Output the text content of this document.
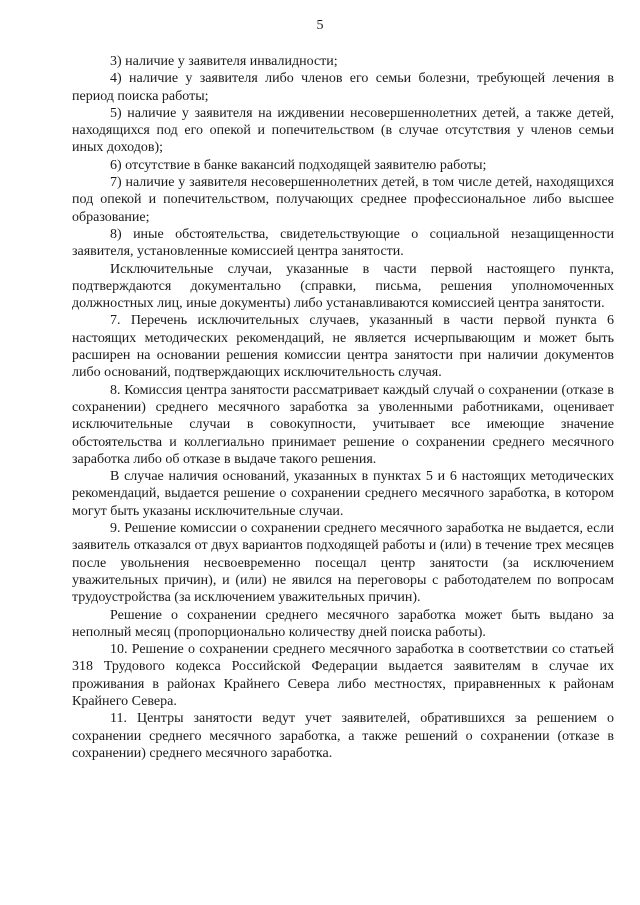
5

3) наличие у заявителя инвалидности;

4) наличие у заявителя либо членов его семьи болезни, требующей лечения в период поиска работы;

5) наличие у заявителя на иждивении несовершеннолетних детей, а также детей, находящихся под его опекой и попечительством (в случае отсутствия у членов семьи иных доходов);

6) отсутствие в банке вакансий подходящей заявителю работы;

7) наличие у заявителя несовершеннолетних детей, в том числе детей, находящихся под опекой и попечительством, получающих среднее профессиональное либо высшее образование;

8) иные обстоятельства, свидетельствующие о социальной незащищенности заявителя, установленные комиссией центра занятости.

Исключительные случаи, указанные в части первой настоящего пункта, подтверждаются документально (справки, письма, решения уполномоченных должностных лиц, иные документы) либо устанавливаются комиссией центра занятости.

7. Перечень исключительных случаев, указанный в части первой пункта 6 настоящих методических рекомендаций, не является исчерпывающим и может быть расширен на основании решения комиссии центра занятости при наличии документов либо оснований, подтверждающих исключительность случая.

8. Комиссия центра занятости рассматривает каждый случай о сохранении (отказе в сохранении) среднего месячного заработка за уволенными работниками, оценивает исключительные случаи в совокупности, учитывает все имеющие значение обстоятельства и коллегиально принимает решение о сохранении среднего месячного заработка либо об отказе в выдаче такого решения.

В случае наличия оснований, указанных в пунктах 5 и 6 настоящих методических рекомендаций, выдается решение о сохранении среднего месячного заработка, в котором могут быть указаны исключительные случаи.

9. Решение комиссии о сохранении среднего месячного заработка не выдается, если заявитель отказался от двух вариантов подходящей работы и (или) в течение трех месяцев после увольнения несвоевременно посещал центр занятости (за исключением уважительных причин), и (или) не явился на переговоры с работодателем по вопросам трудоустройства (за исключением уважительных причин).

Решение о сохранении среднего месячного заработка может быть выдано за неполный месяц (пропорционально количеству дней поиска работы).

10. Решение о сохранении среднего месячного заработка в соответствии со статьей 318 Трудового кодекса Российской Федерации выдается заявителям в случае их проживания в районах Крайнего Севера либо местностях, приравненных к районам Крайнего Севера.

11. Центры занятости ведут учет заявителей, обратившихся за решением о сохранении среднего месячного заработка, а также решений о сохранении (отказе в сохранении) среднего месячного заработка.
